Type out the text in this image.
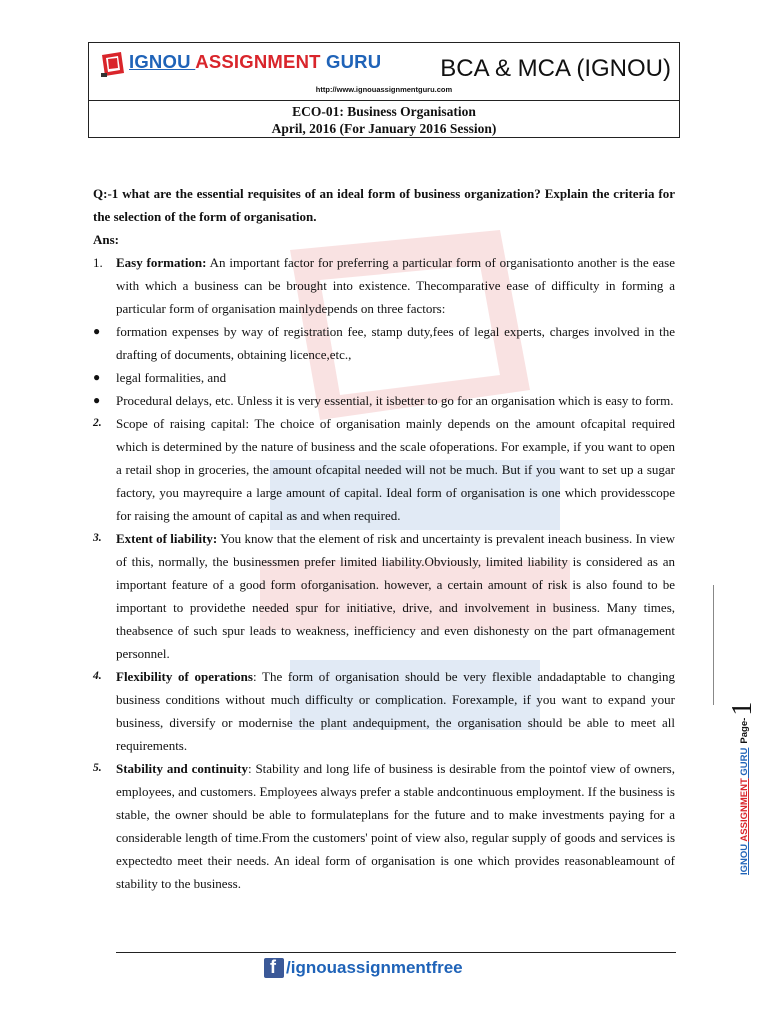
IGNOU ASSIGNMENT GURU BCA & MCA (IGNOU)
http://www.ignouassignmentguru.com
ECO-01: Business Organisation
April, 2016 (For January 2016 Session)

Q:-1 what are the essential requisites of an ideal form of business organization? Explain the criteria for the selection of the form of organisation.

Ans:

1. Easy formation: An important factor for preferring a particular form of organisationto another is the ease with which a business can be brought into existence. Thecomparative ease of difficulty in forming a particular form of organisation mainlydepends on three factors:
●	formation expenses by way of registration fee, stamp duty,fees of legal experts, charges involved in the drafting of documents, obtaining licence,etc.,
●	legal formalities, and
●	Procedural delays, etc. Unless it is very essential, it isbetter to go for an organisation which is easy to form.
2. Scope of raising capital: The choice of organisation mainly depends on the amount ofcapital required which is determined by the nature of business and the scale ofoperations. For example, if you want to open a retail shop in groceries, the amount ofcapital needed will not be much. But if you want to set up a sugar factory, you mayrequire a large amount of capital. Ideal form of organisation is one which providesscope for raising the amount of capital as and when required.
3. Extent of liability: You know that the element of risk and uncertainty is prevalent ineach business. In view of this, normally, the businessmen prefer limited liability.Obviously, limited liability is considered as an important feature of a good form oforganisation. however, a certain amount of risk is also found to be important to providethe needed spur for initiative, drive, and involvement in business. Many times, theabsence of such spur leads to weakness, inefficiency and even dishonesty on the part ofmanagement personnel.
4. Flexibility of operations: The form of organisation should be very flexible andadaptable to changing business conditions without much difficulty or complication. Forexample, if you want to expand your business, diversify or modernise the plant andequipment, the organisation should be able to meet all requirements.
5. Stability and continuity: Stability and long life of business is desirable from the pointof view of owners, employees, and customers. Employees always prefer a stable andcontinuous employment. If the business is stable, the owner should be able to formulateplans for the future and to make investments paying for a considerable length of time.From the customers' point of view also, regular supply of goods and services is expectedto meet their needs. An ideal form of organisation is one which provides reasonableamount of stability to the business.
IGNOU ASSIGNMENT GURUPage-1
f /ignouassignmentfree
